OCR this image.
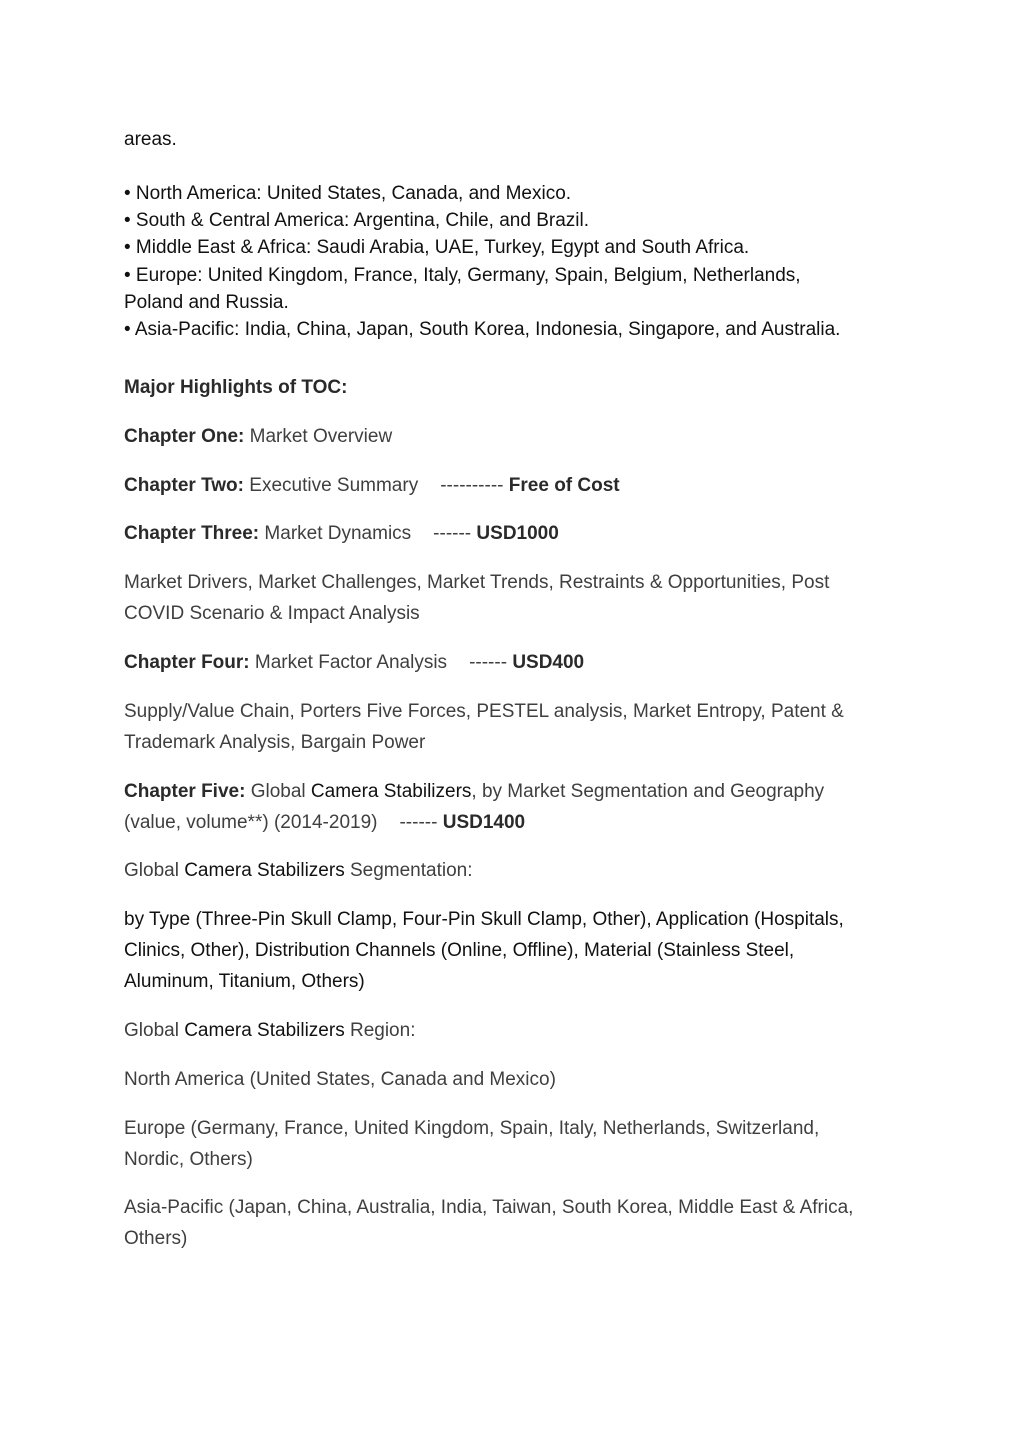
areas.
• North America: United States, Canada, and Mexico.
• South & Central America: Argentina, Chile, and Brazil.
• Middle East & Africa: Saudi Arabia, UAE, Turkey, Egypt and South Africa.
• Europe: United Kingdom, France, Italy, Germany, Spain, Belgium, Netherlands,
Poland and Russia.
• Asia-Pacific: India, China, Japan, South Korea, Indonesia, Singapore, and Australia.
Major Highlights of TOC:
Chapter One: Market Overview
Chapter Two: Executive Summary ---------- Free of Cost
Chapter Three: Market Dynamics ------ USD1000
Market Drivers, Market Challenges, Market Trends, Restraints & Opportunities, Post
COVID Scenario & Impact Analysis
Chapter Four: Market Factor Analysis ------ USD400
Supply/Value Chain, Porters Five Forces, PESTEL analysis, Market Entropy, Patent &
Trademark Analysis, Bargain Power
Chapter Five: Global Camera Stabilizers, by Market Segmentation and Geography
(value, volume**) (2014-2019) ------ USD1400
Global Camera Stabilizers Segmentation:
by Type (Three-Pin Skull Clamp, Four-Pin Skull Clamp, Other), Application (Hospitals,
Clinics, Other), Distribution Channels (Online, Offline), Material (Stainless Steel,
Aluminum, Titanium, Others)
Global Camera Stabilizers Region:
North America (United States, Canada and Mexico)
Europe (Germany, France, United Kingdom, Spain, Italy, Netherlands, Switzerland,
Nordic, Others)
Asia-Pacific (Japan, China, Australia, India, Taiwan, South Korea, Middle East & Africa,
Others)
